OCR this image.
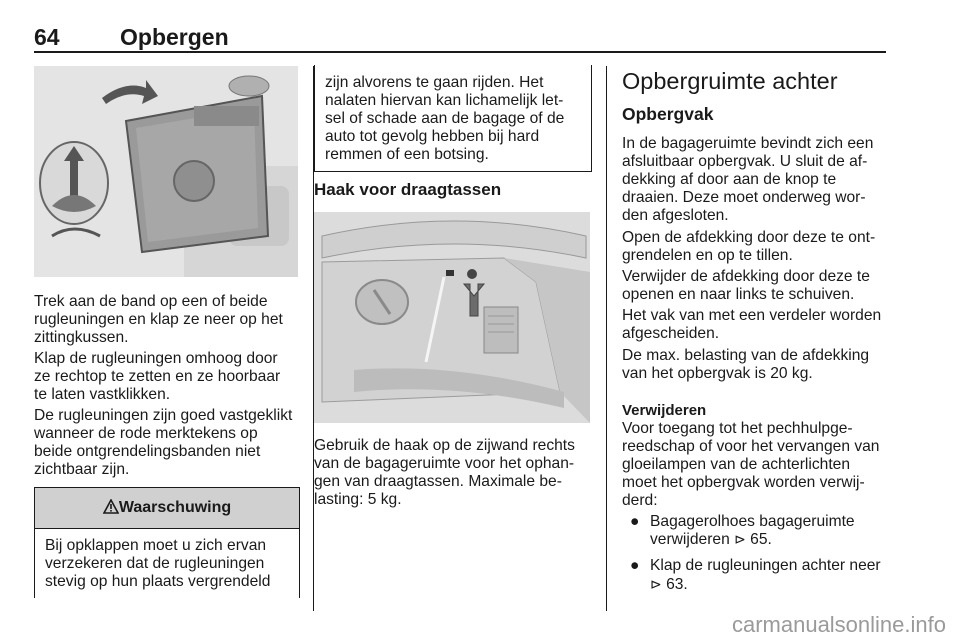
64	Opbergen

Trek aan de band op een of beide
rugleuningen en klap ze neer op het
zittingkussen.

Klap de rugleuningen omhoog door
ze rechtop te zetten en ze hoorbaar
te laten vastklikken.

De rugleuningen zijn goed vastgeklikt
wanneer de rode merktekens op
beide ontgrendelingsbanden niet
zichtbaar zijn.

Waarschuwing

Bij opklappen moet u zich ervan
verzekeren dat de rugleuningen
stevig op hun plaats vergrendeld

zijn alvorens te gaan rijden. Het
nalaten hiervan kan lichamelijk let-
sel of schade aan de bagage of de
auto tot gevolg hebben bij hard
remmen of een botsing.

Haak voor draagtassen

Gebruik de haak op de zijwand rechts
van de bagageruimte voor het ophan-
gen van draagtassen. Maximale be-
lasting: 5 kg.

Opbergruimte achter
Opbergvak

In de bagageruimte bevindt zich een
afsluitbaar opbergvak. U sluit de af-
dekking af door aan de knop te
draaien. Deze moet onderweg wor-
den afgesloten.

Open de afdekking door deze te ont-
grendelen en op te tillen.

Verwijder de afdekking door deze te
openen en naar links te schuiven.

Het vak van met een verdeler worden
afgescheiden.

De max. belasting van de afdekking
van het opbergvak is 20 kg.

Verwijderen

Voor toegang tot het pechhulpge-
reedschap of voor het vervangen van
gloeilampen van de achterlichten
moet het opbergvak worden verwij-
derd:

● Bagagerolhoes bagageruimte
verwijderen ⊳ 65.
● Klap de rugleuningen achter neer
⊳ 63.
carmanualsonline.info
